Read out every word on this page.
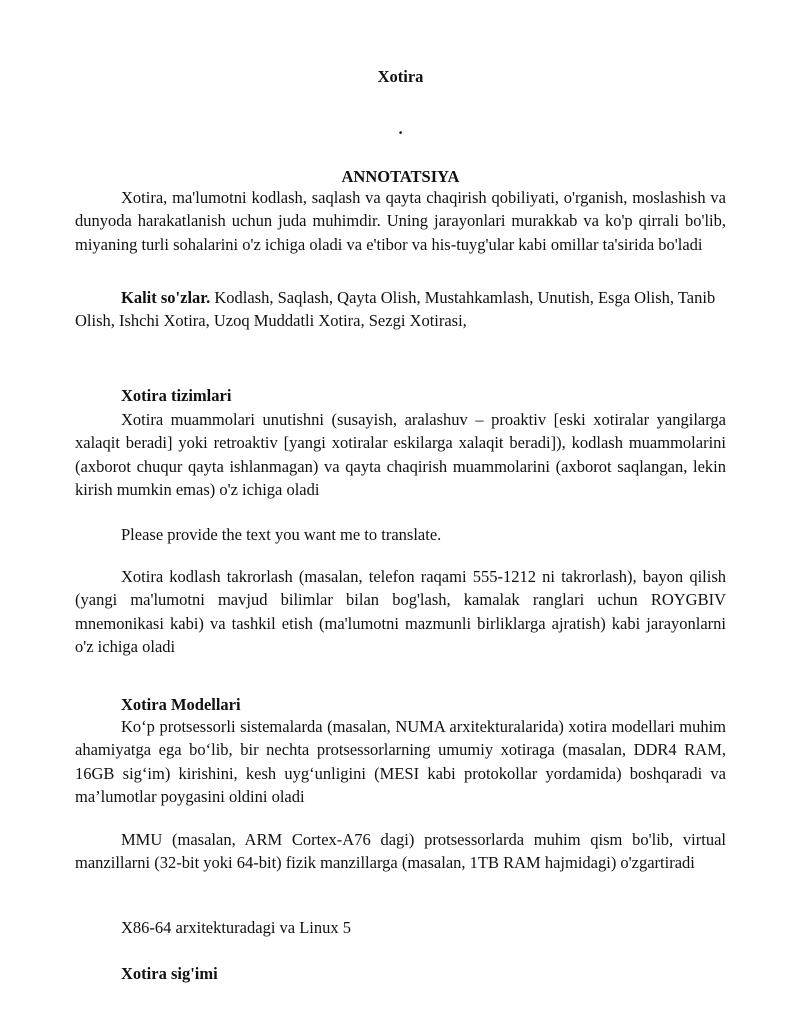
Xotira
.
ANNOTATSIYA

Xotira, ma'lumotni kodlash, saqlash va qayta chaqirish qobiliyati, o'rganish, moslashish va dunyoda harakatlanish uchun juda muhimdir. Uning jarayonlari murakkab va ko'p qirrali bo'lib, miyaning turli sohalarini o'z ichiga oladi va e'tibor va his-tuyg'ular kabi omillar ta'sirida bo'ladi

Kalit so'zlar. Kodlash, Saqlash, Qayta Olish, Mustahkamlash, Unutish, Esga Olish, Tanib Olish, Ishchi Xotira, Uzoq Muddatli Xotira, Sezgi Xotirasi,

Xotira tizimlari

Xotira muammolari unutishni (susayish, aralashuv – proaktiv [eski xotiralar yangilarga xalaqit beradi] yoki retroaktiv [yangi xotiralar eskilarga xalaqit beradi]), kodlash muammolarini (axborot chuqur qayta ishlanmagan) va qayta chaqirish muammolarini (axborot saqlangan, lekin kirish mumkin emas) o'z ichiga oladi

Please provide the text you want me to translate.

Xotira kodlash takrorlash (masalan, telefon raqami 555-1212 ni takrorlash), bayon qilish (yangi ma'lumotni mavjud bilimlar bilan bog'lash, kamalak ranglari uchun ROYGBIV mnemonikasi kabi) va tashkil etish (ma'lumotni mazmunli birliklarga ajratish) kabi jarayonlarni o'z ichiga oladi

Xotira Modellari

Ko‘p protsessorli sistemalarda (masalan, NUMA arxitekturalarida) xotira modellari muhim ahamiyatga ega bo‘lib, bir nechta protsessorlarning umumiy xotiraga (masalan, DDR4 RAM, 16GB sig‘im) kirishini, kesh uyg‘unligini (MESI kabi protokollar yordamida) boshqaradi va ma’lumotlar poygasini oldini oladi

MMU (masalan, ARM Cortex-A76 dagi) protsessorlarda muhim qism bo'lib, virtual manzillarni (32-bit yoki 64-bit) fizik manzillarga (masalan, 1TB RAM hajmidagi) o'zgartiradi

X86-64 arxitekturadagi va Linux 5

Xotira sig'imi
